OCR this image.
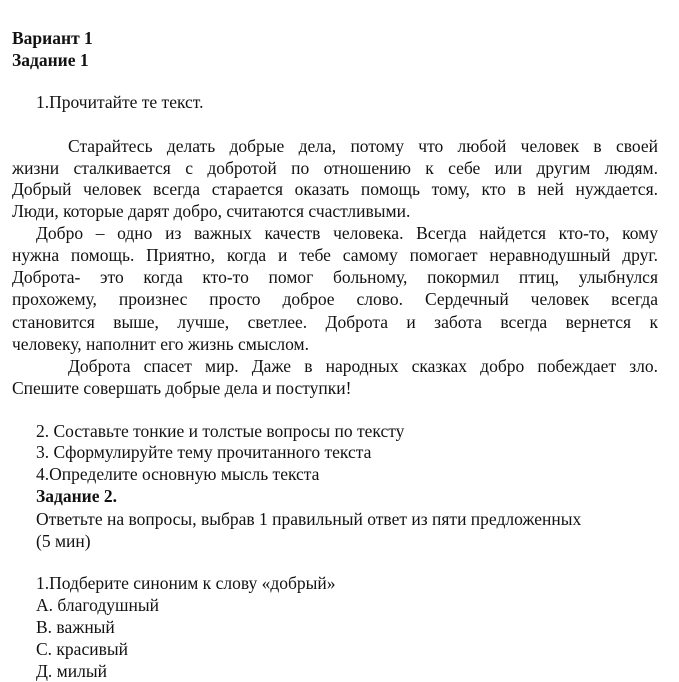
Вариант 1
Задание 1
1.Прочитайте те текст.
Старайтесь делать добрые дела, потому что любой человек в своей
жизни сталкивается с добротой по отношению к себе или другим людям.
Добрый человек всегда старается оказать помощь тому, кто в ней нуждается.
Люди, которые дарят добро, считаются счастливыми.
Добро – одно из важных качеств человека. Всегда найдется кто-то, кому
нужна помощь. Приятно, когда и тебе самому помогает неравнодушный друг.
Доброта- это когда кто-то помог больному, покормил птиц, улыбнулся
прохожему, произнес просто доброе слово. Сердечный человек всегда
становится выше, лучше, светлее. Доброта и забота всегда вернется к
человеку, наполнит его жизнь смыслом.
Доброта спасет мир. Даже в народных сказках добро побеждает зло.
Спешите совершать добрые дела и поступки!
2. Составьте тонкие и толстые вопросы по тексту
3. Сформулируйте тему прочитанного текста
4.Определите основную мысль текста
Задание 2.
Ответьте на вопросы, выбрав 1 правильный ответ из пяти предложенных
(5 мин)
1.Подберите синоним к слову «добрый»
А. благодушный
В. важный
С. красивый
Д. милый
